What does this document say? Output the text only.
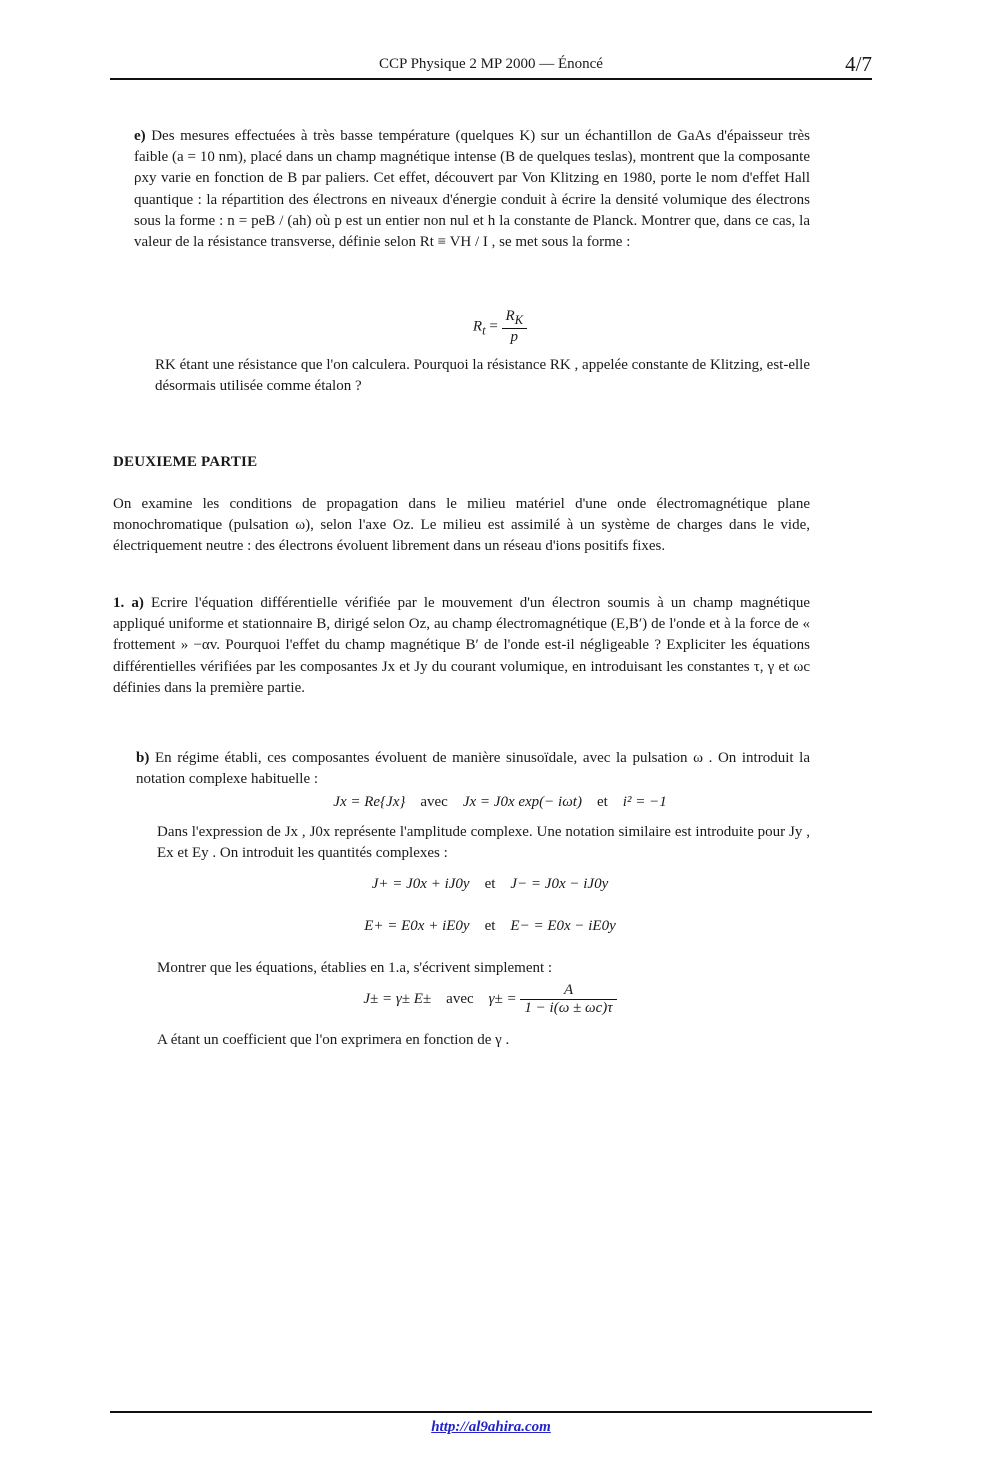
CCP Physique 2 MP 2000 — Énoncé	4/7
e) Des mesures effectuées à très basse température (quelques K) sur un échantillon de GaAs d'épaisseur très faible (a = 10 nm), placé dans un champ magnétique intense (B de quelques teslas), montrent que la composante ρxy varie en fonction de B par paliers. Cet effet, découvert par Von Klitzing en 1980, porte le nom d'effet Hall quantique : la répartition des électrons en niveaux d'énergie conduit à écrire la densité volumique des électrons sous la forme : n = peB / (ah) où p est un entier non nul et h la constante de Planck. Montrer que, dans ce cas, la valeur de la résistance transverse, définie selon Rt ≡ VH / I , se met sous la forme :
$R_t = \frac{R_K}{p}$
RK étant une résistance que l'on calculera. Pourquoi la résistance RK , appelée constante de Klitzing, est-elle désormais utilisée comme étalon ?
DEUXIEME PARTIE
On examine les conditions de propagation dans le milieu matériel d'une onde électromagnétique plane monochromatique (pulsation ω), selon l'axe Oz. Le milieu est assimilé à un système de charges dans le vide, électriquement neutre : des électrons évoluent librement dans un réseau d'ions positifs fixes.
1. a) Ecrire l'équation différentielle vérifiée par le mouvement d'un électron soumis à un champ magnétique appliqué uniforme et stationnaire B, dirigé selon Oz, au champ électromagnétique (E,B′) de l'onde et à la force de « frottement » −αv. Pourquoi l'effet du champ magnétique B′ de l'onde est-il négligeable ? Expliciter les équations différentielles vérifiées par les composantes Jx et Jy du courant volumique, en introduisant les constantes τ, γ et ωc définies dans la première partie.
b) En régime établi, ces composantes évoluent de manière sinusoïdale, avec la pulsation ω . On introduit la notation complexe habituelle :
Jx = Re{Jx} avec Jx = J0x exp(− iωt) et i² = −1
Dans l'expression de Jx , J0x représente l'amplitude complexe. Une notation similaire est introduite pour Jy , Ex et Ey . On introduit les quantités complexes :
J+ = J0x + iJ0y et J− = J0x − iJ0y
E+ = E0x + iE0y et E− = E0x − iE0y
Montrer que les équations, établies en 1.a, s'écrivent simplement :
J± = γ± E± avec $\gamma\pm = \frac{A}{1 - i(\omega \pm \omega c)\tau}$
A étant un coefficient que l'on exprimera en fonction de γ .
http://al9ahira.com
